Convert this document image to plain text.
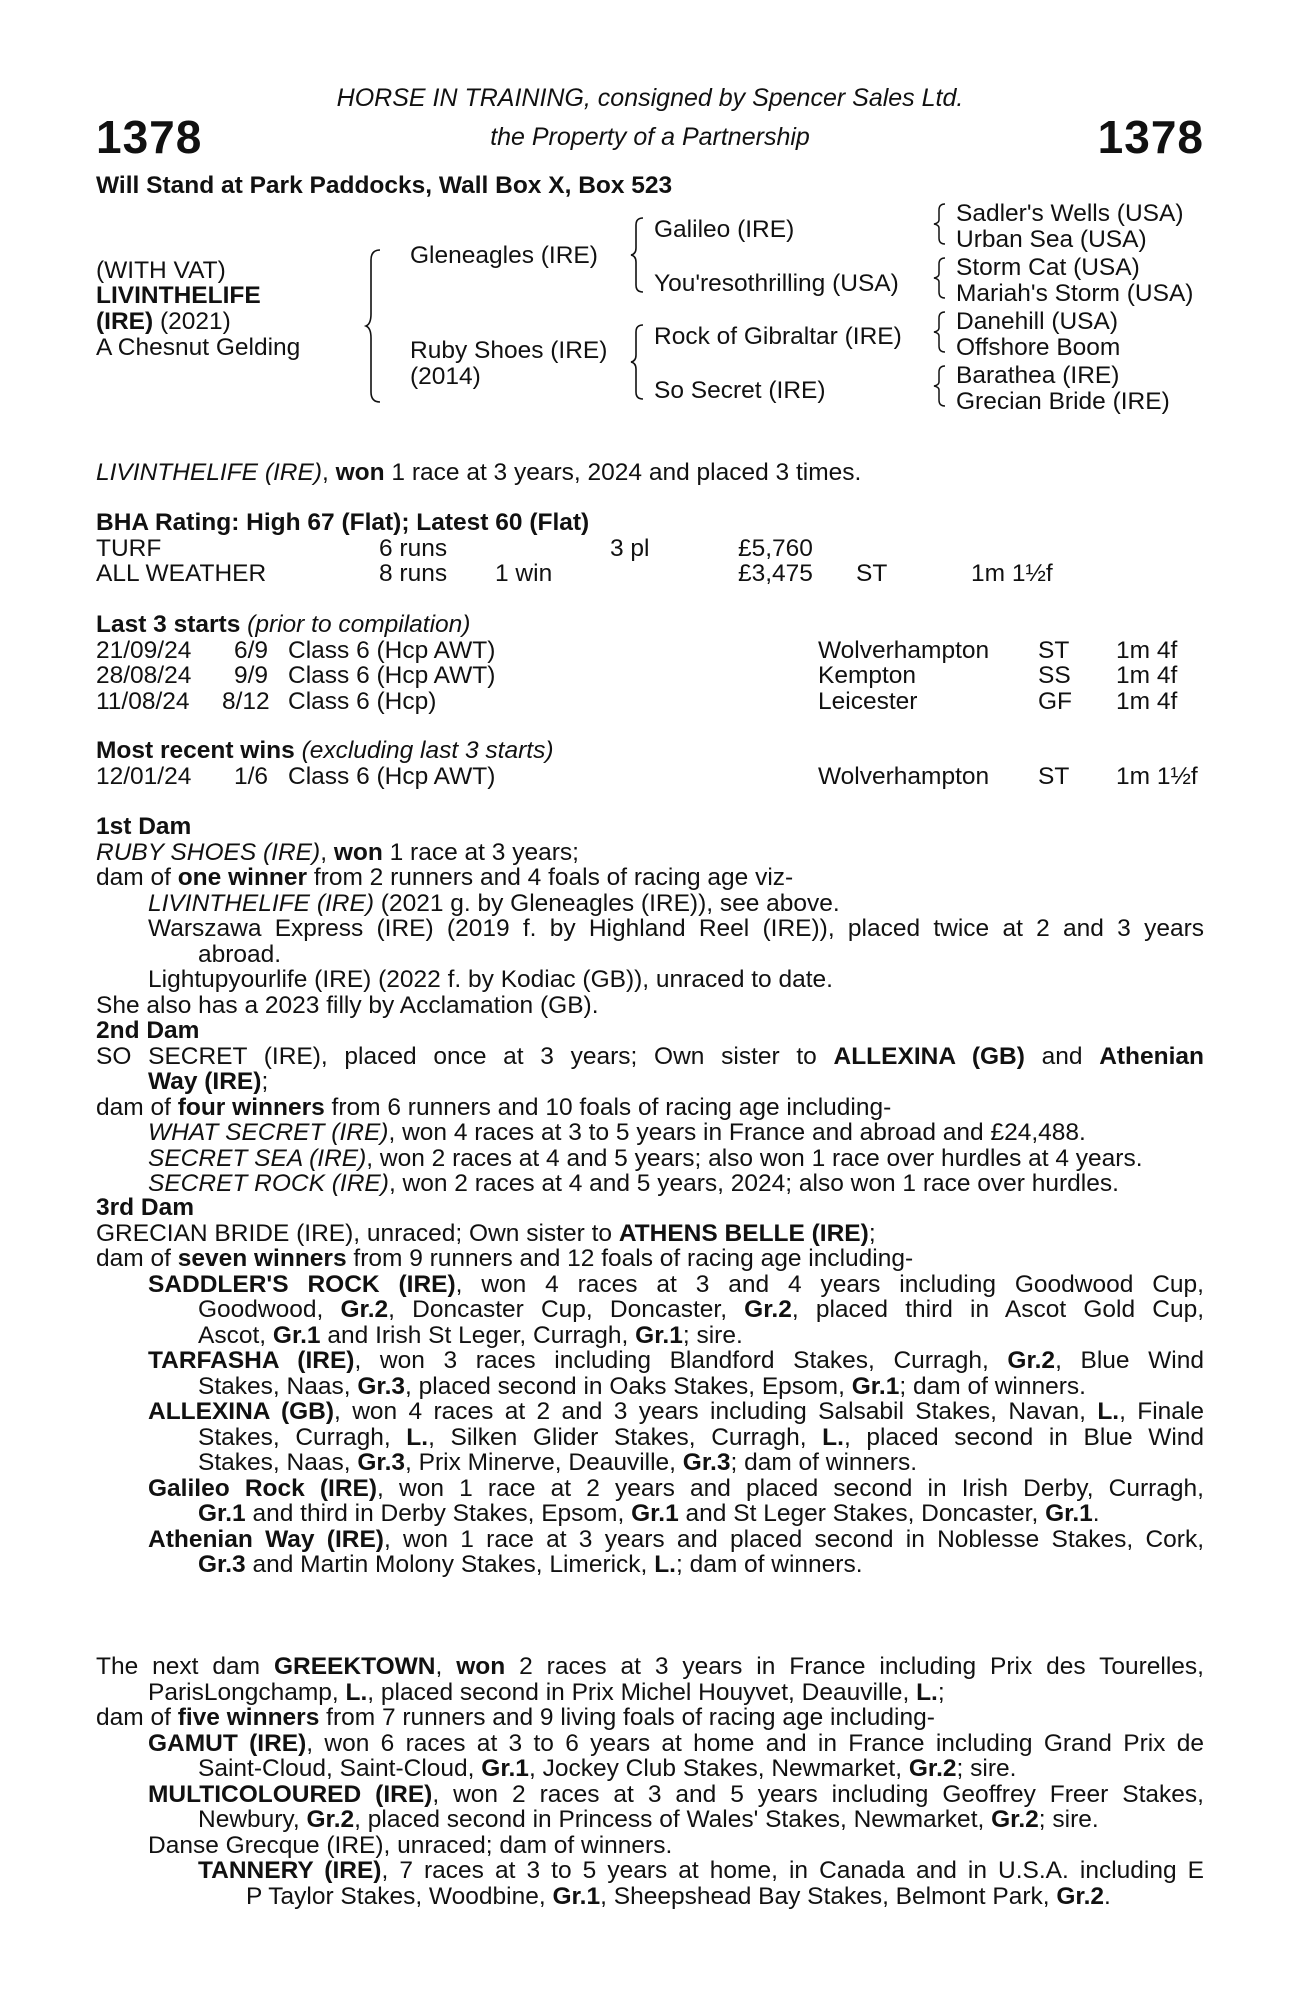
1378	1378
HORSE IN TRAINING, consigned by Spencer Sales Ltd.
the Property of a Partnership
Will Stand at Park Paddocks, Wall Box X, Box 523
(WITH VAT)
LIVINTHELIFE
(IRE) (2021)
A Chesnut Gelding
Gleneagles (IRE)
Ruby Shoes (IRE)
(2014)
Galileo (IRE)
You'resothrilling (USA)
Rock of Gibraltar (IRE)
So Secret (IRE)
Sadler's Wells (USA)
Urban Sea (USA)
Storm Cat (USA)
Mariah's Storm (USA)
Danehill (USA)
Offshore Boom
Barathea (IRE)
Grecian Bride (IRE)
LIVINTHELIFE (IRE), won 1 race at 3 years, 2024 and placed 3 times.
BHA Rating: High 67 (Flat); Latest 60 (Flat)
TURF	6 runs	3 pl	£5,760
ALL WEATHER	8 runs 1 win	£3,475 ST	1m 1½f
Last 3 starts (prior to compilation)
21/09/24 6/9 Class 6 (Hcp AWT)	Wolverhampton ST 1m 4f
28/08/24 9/9 Class 6 (Hcp AWT)	Kempton	SS 1m 4f
11/08/24 8/12 Class 6 (Hcp)	Leicester	GF 1m 4f
Most recent wins (excluding last 3 starts)
12/01/24 1/6 Class 6 (Hcp AWT)	Wolverhampton ST 1m 1½f
1st Dam
RUBY SHOES (IRE), won 1 race at 3 years;
dam of one winner from 2 runners and 4 foals of racing age viz-
LIVINTHELIFE (IRE) (2021 g. by Gleneagles (IRE)), see above.
Warszawa Express (IRE) (2019 f. by Highland Reel (IRE)), placed twice at 2 and 3 years
abroad.
Lightupyourlife (IRE) (2022 f. by Kodiac (GB)), unraced to date.
She also has a 2023 filly by Acclamation (GB).
2nd Dam
SO SECRET (IRE), placed once at 3 years; Own sister to ALLEXINA (GB) and Athenian
Way (IRE);
dam of four winners from 6 runners and 10 foals of racing age including-
WHAT SECRET (IRE), won 4 races at 3 to 5 years in France and abroad and £24,488.
SECRET SEA (IRE), won 2 races at 4 and 5 years; also won 1 race over hurdles at 4 years.
SECRET ROCK (IRE), won 2 races at 4 and 5 years, 2024; also won 1 race over hurdles.
3rd Dam
GRECIAN BRIDE (IRE), unraced; Own sister to ATHENS BELLE (IRE);
dam of seven winners from 9 runners and 12 foals of racing age including-
SADDLER'S ROCK (IRE), won 4 races at 3 and 4 years including Goodwood Cup,
Goodwood, Gr.2, Doncaster Cup, Doncaster, Gr.2, placed third in Ascot Gold Cup,
Ascot, Gr.1 and Irish St Leger, Curragh, Gr.1; sire.
TARFASHA (IRE), won 3 races including Blandford Stakes, Curragh, Gr.2, Blue Wind
Stakes, Naas, Gr.3, placed second in Oaks Stakes, Epsom, Gr.1; dam of winners.
ALLEXINA (GB), won 4 races at 2 and 3 years including Salsabil Stakes, Navan, L., Finale
Stakes, Curragh, L., Silken Glider Stakes, Curragh, L., placed second in Blue Wind
Stakes, Naas, Gr.3, Prix Minerve, Deauville, Gr.3; dam of winners.
Galileo Rock (IRE), won 1 race at 2 years and placed second in Irish Derby, Curragh,
Gr.1 and third in Derby Stakes, Epsom, Gr.1 and St Leger Stakes, Doncaster, Gr.1.
Athenian Way (IRE), won 1 race at 3 years and placed second in Noblesse Stakes, Cork,
Gr.3 and Martin Molony Stakes, Limerick, L.; dam of winners.
The next dam GREEKTOWN, won 2 races at 3 years in France including Prix des Tourelles,
ParisLongchamp, L., placed second in Prix Michel Houyvet, Deauville, L.;
dam of five winners from 7 runners and 9 living foals of racing age including-
GAMUT (IRE), won 6 races at 3 to 6 years at home and in France including Grand Prix de
Saint-Cloud, Saint-Cloud, Gr.1, Jockey Club Stakes, Newmarket, Gr.2; sire.
MULTICOLOURED (IRE), won 2 races at 3 and 5 years including Geoffrey Freer Stakes,
Newbury, Gr.2, placed second in Princess of Wales' Stakes, Newmarket, Gr.2; sire.
Danse Grecque (IRE), unraced; dam of winners.
TANNERY (IRE), 7 races at 3 to 5 years at home, in Canada and in U.S.A. including E
P Taylor Stakes, Woodbine, Gr.1, Sheepshead Bay Stakes, Belmont Park, Gr.2.
